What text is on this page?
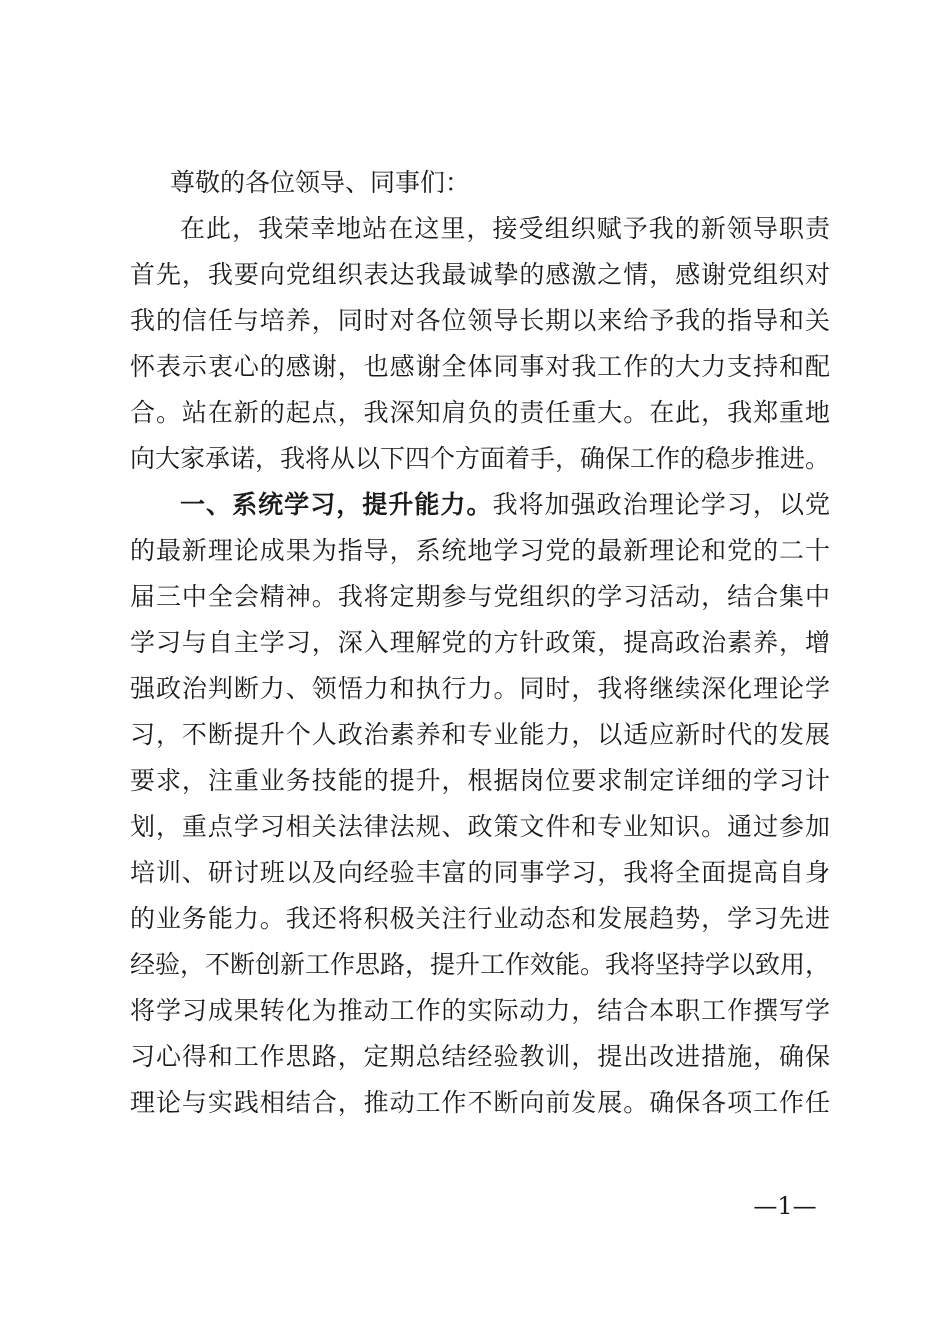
尊敬的各位领导、同事们：
在此，我荣幸地站在这里，接受组织赋予我的新领导职责
首先，我要向党组织表达我最诚挚的感激之情，感谢党组织对
我的信任与培养，同时对各位领导长期以来给予我的指导和关
怀表示衷心的感谢，也感谢全体同事对我工作的大力支持和配
合。站在新的起点，我深知肩负的责任重大。在此，我郑重地
向大家承诺，我将从以下四个方面着手，确保工作的稳步推进。
一、系统学习，提升能力。我将加强政治理论学习，以党
的最新理论成果为指导，系统地学习党的最新理论和党的二十
届三中全会精神。我将定期参与党组织的学习活动，结合集中
学习与自主学习，深入理解党的方针政策，提高政治素养，增
强政治判断力、领悟力和执行力。同时，我将继续深化理论学
习，不断提升个人政治素养和专业能力，以适应新时代的发展
要求，注重业务技能的提升，根据岗位要求制定详细的学习计
划，重点学习相关法律法规、政策文件和专业知识。通过参加
培训、研讨班以及向经验丰富的同事学习，我将全面提高自身
的业务能力。我还将积极关注行业动态和发展趋势，学习先进
经验，不断创新工作思路，提升工作效能。我将坚持学以致用，
将学习成果转化为推动工作的实际动力，结合本职工作撰写学
习心得和工作思路，定期总结经验教训，提出改进措施，确保
理论与实践相结合，推动工作不断向前发展。确保各项工作任
—1—
